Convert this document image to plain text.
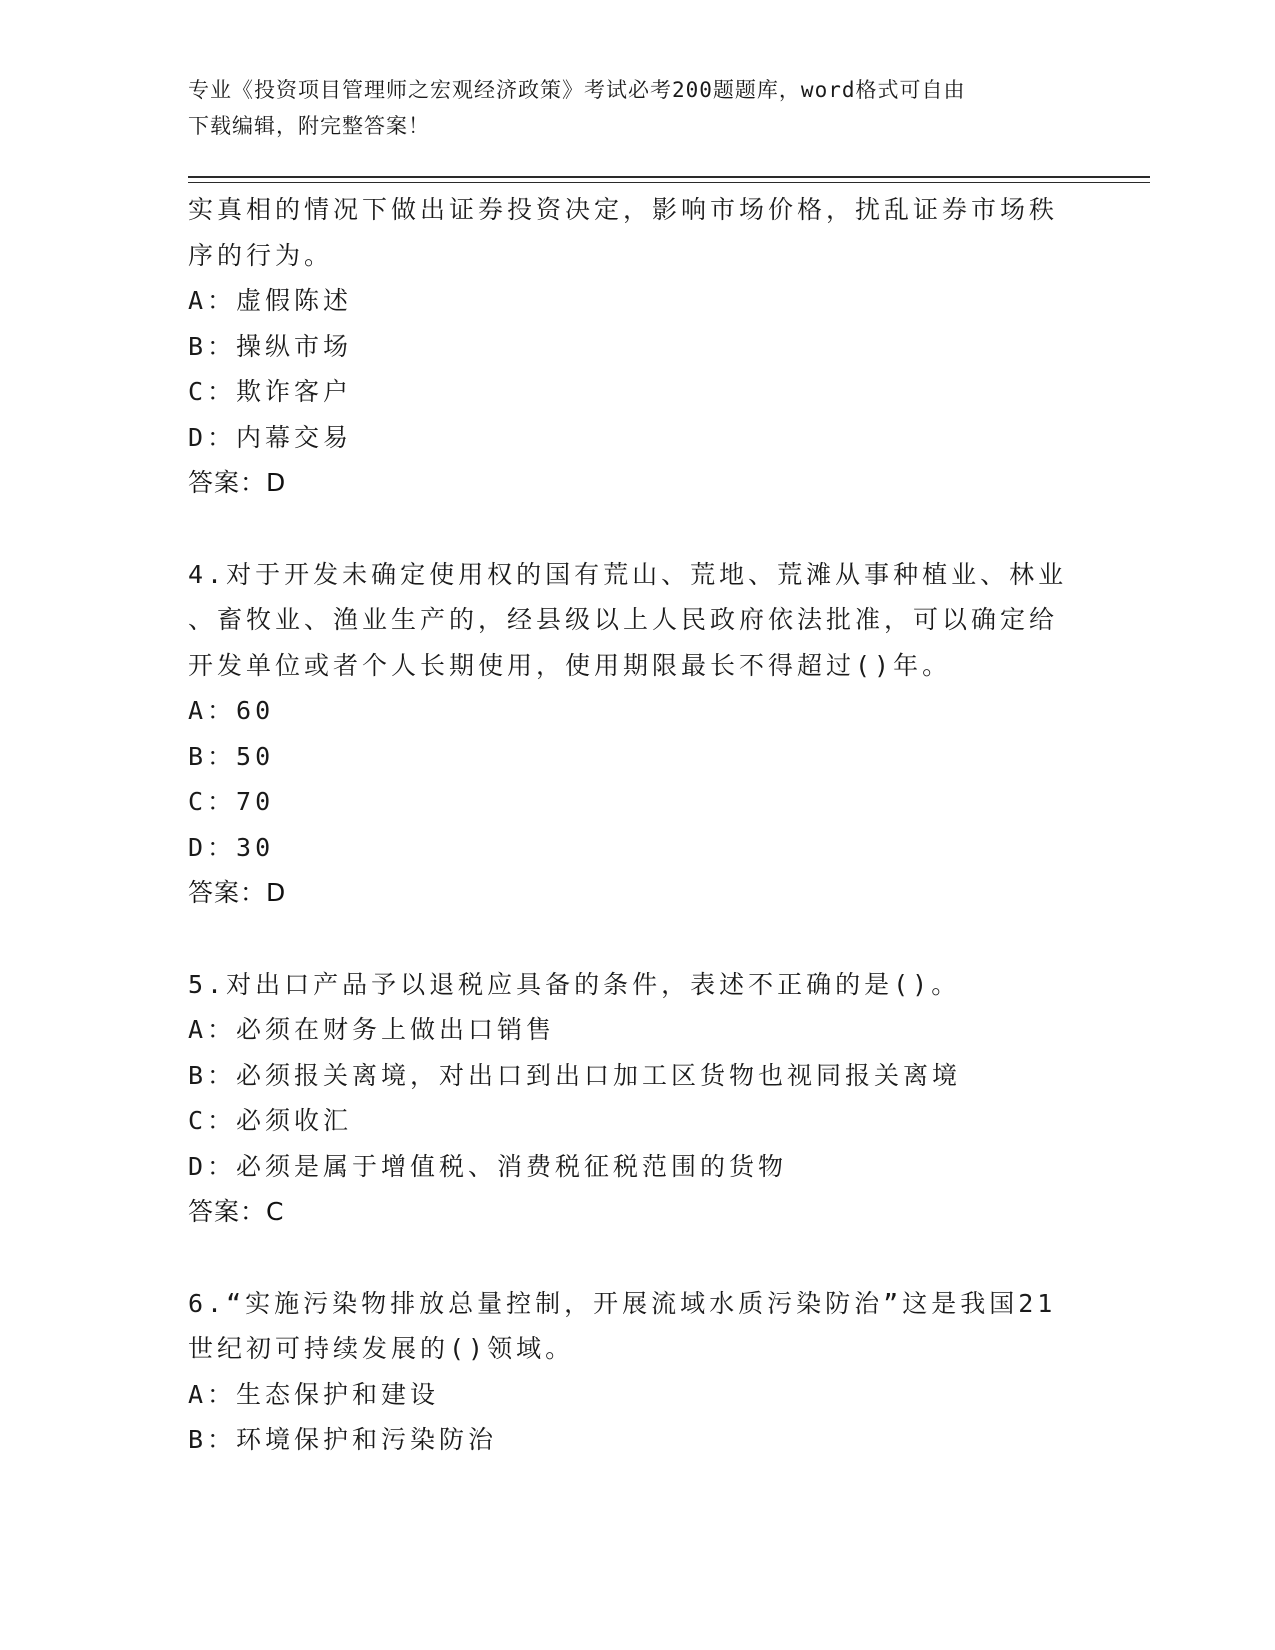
专业《投资项目管理师之宏观经济政策》考试必考200题题库，word格式可自由
下载编辑，附完整答案！
实真相的情况下做出证券投资决定，影响市场价格，扰乱证券市场秩
序的行为。
A：虚假陈述
B：操纵市场
C：欺诈客户
D：内幕交易
答案：D
4.对于开发未确定使用权的国有荒山、荒地、荒滩从事种植业、林业
、畜牧业、渔业生产的，经县级以上人民政府依法批准，可以确定给
开发单位或者个人长期使用，使用期限最长不得超过()年。
A：60
B：50
C：70
D：30
答案：D
5.对出口产品予以退税应具备的条件，表述不正确的是()。
A：必须在财务上做出口销售
B：必须报关离境，对出口到出口加工区货物也视同报关离境
C：必须收汇
D：必须是属于增值税、消费税征税范围的货物
答案：C
6.“实施污染物排放总量控制，开展流域水质污染防治”这是我国21
世纪初可持续发展的()领域。
A：生态保护和建设
B：环境保护和污染防治
